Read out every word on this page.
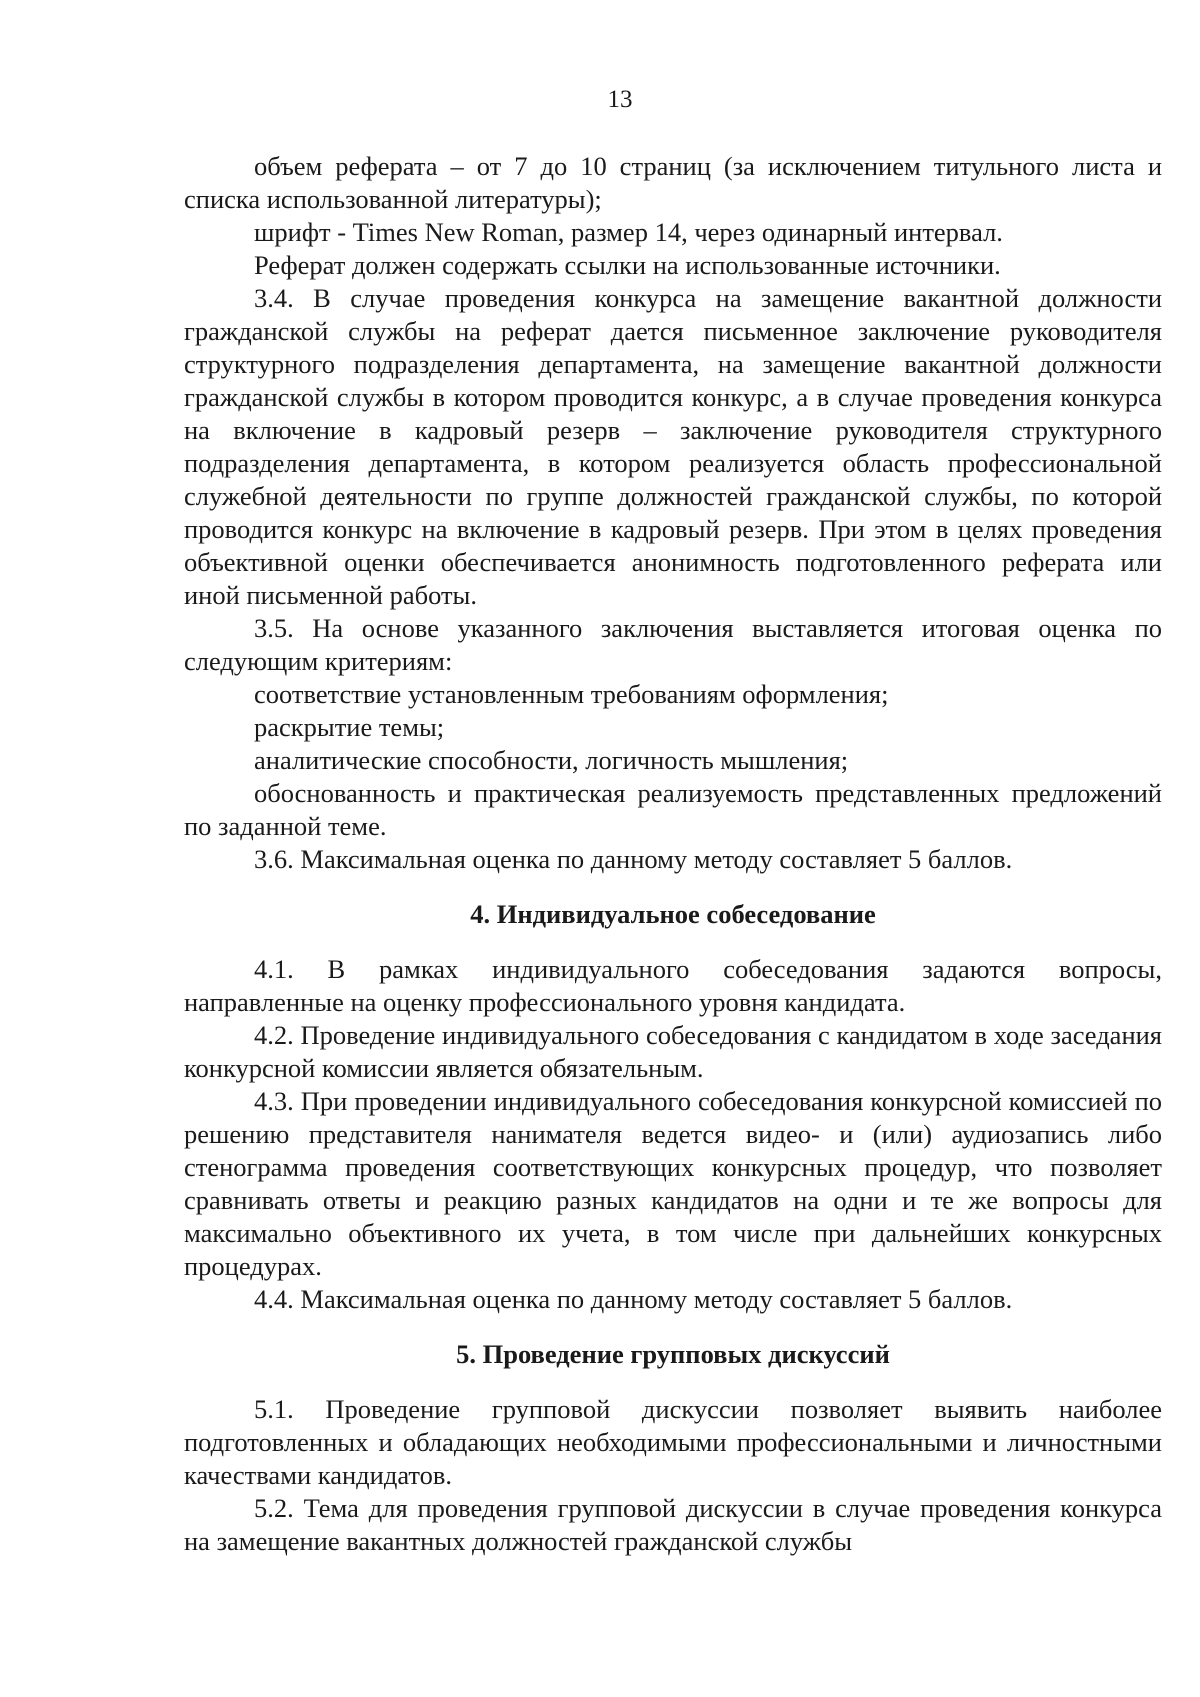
13

объем реферата – от 7 до 10 страниц (за исключением титульного листа и списка использованной литературы);

шрифт - Times New Roman, размер 14, через одинарный интервал.

Реферат должен содержать ссылки на использованные источники.

3.4. В случае проведения конкурса на замещение вакантной должности гражданской службы на реферат дается письменное заключение руководителя структурного подразделения департамента, на замещение вакантной должности гражданской службы в котором проводится конкурс, а в случае проведения конкурса на включение в кадровый резерв – заключение руководителя структурного подразделения департамента, в котором реализуется область профессиональной служебной деятельности по группе должностей гражданской службы, по которой проводится конкурс на включение в кадровый резерв. При этом в целях проведения объективной оценки обеспечивается анонимность подготовленного реферата или иной письменной работы.

3.5. На основе указанного заключения выставляется итоговая оценка по следующим критериям:

соответствие установленным требованиям оформления;

раскрытие темы;

аналитические способности, логичность мышления;

обоснованность и практическая реализуемость представленных предложений по заданной теме.

3.6. Максимальная оценка по данному методу составляет 5 баллов.

4. Индивидуальное собеседование

4.1. В рамках индивидуального собеседования задаются вопросы, направленные на оценку профессионального уровня кандидата.

4.2. Проведение индивидуального собеседования с кандидатом в ходе заседания конкурсной комиссии является обязательным.

4.3. При проведении индивидуального собеседования конкурсной комиссией по решению представителя нанимателя ведется видео- и (или) аудиозапись либо стенограмма проведения соответствующих конкурсных процедур, что позволяет сравнивать ответы и реакцию разных кандидатов на одни и те же вопросы для максимально объективного их учета, в том числе при дальнейших конкурсных процедурах.

4.4. Максимальная оценка по данному методу составляет 5 баллов.

5. Проведение групповых дискуссий

5.1. Проведение групповой дискуссии позволяет выявить наиболее подготовленных и обладающих необходимыми профессиональными и личностными качествами кандидатов.

5.2. Тема для проведения групповой дискуссии в случае проведения конкурса на замещение вакантных должностей гражданской службы
